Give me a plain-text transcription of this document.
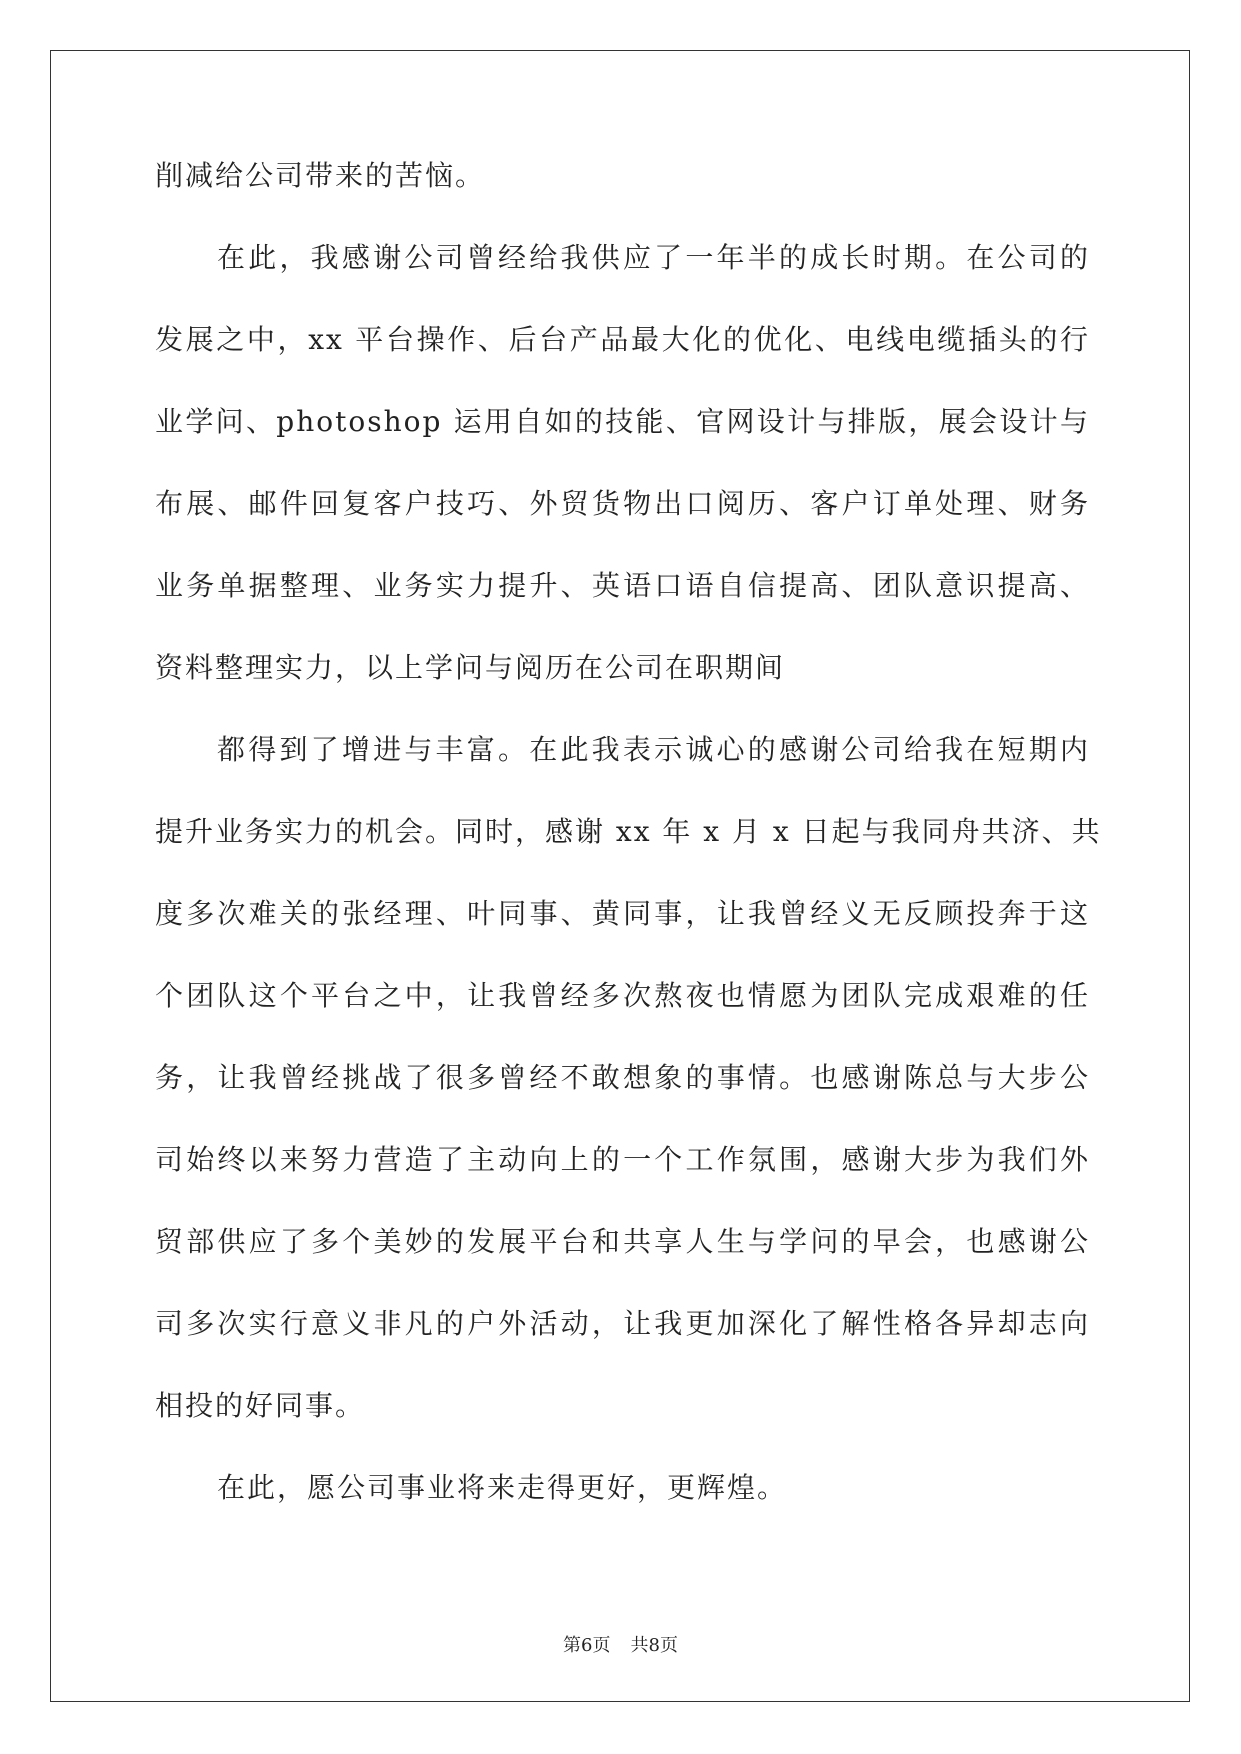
削减给公司带来的苦恼。
在此，我感谢公司曾经给我供应了一年半的成长时期。在公司的
发展之中，xx 平台操作、后台产品最大化的优化、电线电缆插头的行
业学问、photoshop 运用自如的技能、官网设计与排版，展会设计与
布展、邮件回复客户技巧、外贸货物出口阅历、客户订单处理、财务
业务单据整理、业务实力提升、英语口语自信提高、团队意识提高、
资料整理实力，以上学问与阅历在公司在职期间
都得到了增进与丰富。在此我表示诚心的感谢公司给我在短期内
提升业务实力的机会。同时，感谢 xx 年 x 月 x 日起与我同舟共济、共
度多次难关的张经理、叶同事、黄同事，让我曾经义无反顾投奔于这
个团队这个平台之中，让我曾经多次熬夜也情愿为团队完成艰难的任
务，让我曾经挑战了很多曾经不敢想象的事情。也感谢陈总与大步公
司始终以来努力营造了主动向上的一个工作氛围，感谢大步为我们外
贸部供应了多个美妙的发展平台和共享人生与学问的早会，也感谢公
司多次实行意义非凡的户外活动，让我更加深化了解性格各异却志向
相投的好同事。
在此，愿公司事业将来走得更好，更辉煌。
第6页 共8页
